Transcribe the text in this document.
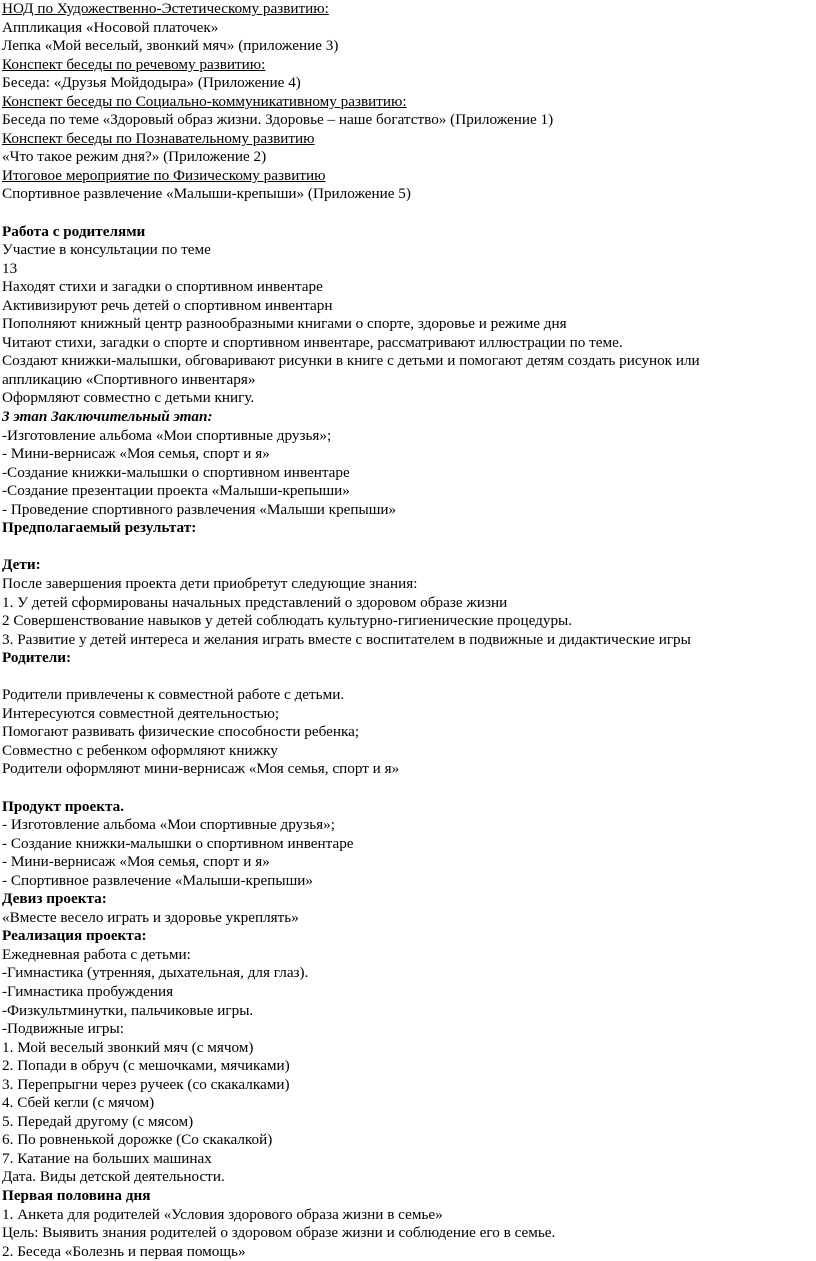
НОД по Художественно-Эстетическому развитию:
Аппликация «Носовой платочек»
Лепка «Мой веселый, звонкий мяч» (приложение 3)
Конспект беседы по речевому развитию:
Беседа: «Друзья Мойдодыра» (Приложение 4)
Конспект беседы по Социально-коммуникативному развитию:
Беседа по теме «Здоровый образ жизни. Здоровье – наше богатство» (Приложение 1)
Конспект беседы по Познавательному развитию
«Что такое режим дня?» (Приложение 2)
Итоговое мероприятие по Физическому развитию
Спортивное развлечение «Малыши-крепыши» (Приложение 5)
Работа с родителями
Участие в консультации по теме
13
Находят стихи и загадки о спортивном инвентаре
Активизируют речь детей о спортивном инвентарн
Пополняют книжный центр разнообразными книгами о спорте, здоровье и режиме дня
Читают стихи, загадки о спорте и спортивном инвентаре, рассматривают иллюстрации по теме.
Создают книжки-малышки, обговаривают рисунки в книге с детьми и помогают детям создать рисунок или
аппликацию «Спортивного инвентаря»
Оформляют совместно с детьми книгу.
3 этап Заключительный этап:
-Изготовление альбома «Мои спортивные друзья»;
- Мини-вернисаж «Моя семья, спорт и я»
-Создание книжки-малышки о спортивном инвентаре
-Создание презентации проекта «Малыши-крепыши»
- Проведение спортивного развлечения «Малыши крепыши»
Предполагаемый результат:
Дети:
После завершения проекта дети приобретут следующие знания:
1. У детей сформированы начальных представлений о здоровом образе жизни
2 Совершенствование навыков у детей соблюдать культурно-гигиенические процедуры.
3. Развитие у детей интереса и желания играть вместе с воспитателем в подвижные и дидактические игры
Родители:
Родители привлечены к совместной работе с детьми.
Интересуются совместной деятельностью;
Помогают развивать физические способности ребенка;
Совместно с ребенком оформляют книжку
Родители оформляют мини-вернисаж «Моя семья, спорт и я»
Продукт проекта.
- Изготовление альбома «Мои спортивные друзья»;
- Создание книжки-малышки о спортивном инвентаре
- Мини-вернисаж «Моя семья, спорт и я»
- Спортивное развлечение «Малыши-крепыши»
Девиз проекта:
«Вместе весело играть и здоровье укреплять»
Реализация проекта:
Ежедневная работа с детьми:
-Гимнастика (утренняя, дыхательная, для глаз).
-Гимнастика пробуждения
-Физкультминутки, пальчиковые игры.
-Подвижные игры:
1. Мой веселый звонкий мяч (с мячом)
2. Попади в обруч (с мешочками, мячиками)
3. Перепрыгни через ручеек (со скакалками)
4. Сбей кегли (с мячом)
5. Передай другому (с мясом)
6. По ровненькой дорожке (Со скакалкой)
7. Катание на больших машинах
Дата. Виды детской деятельности.
Первая половина дня
1. Анкета для родителей «Условия здорового образа жизни в семье»
Цель: Выявить знания родителей о здоровом образе жизни и соблюдение его в семье.
2. Беседа «Болезнь и первая помощь»
